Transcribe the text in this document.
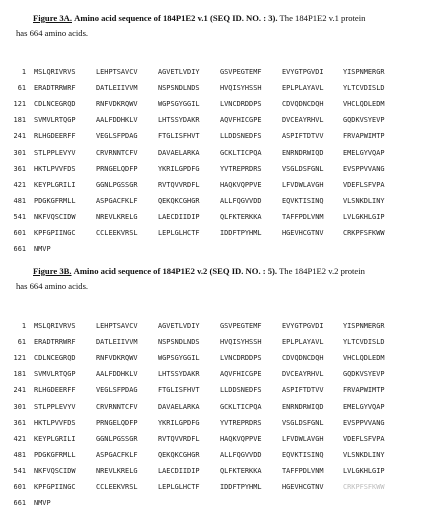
Figure 3A. Amino acid sequence of 184P1E2 v.1 (SEQ ID. NO. : 3). The 184P1E2 v.1 protein
has 664 amino acids.
1 MSLQRIVRVS	LEHPTSAVCV	AGVETLVDIY	GSVPEGTEMF	EVYGTPGVDI	YISPNMERGR
61 ERADTRRWRF	DATLEIIVVM	NSPSNDLNDS	HVQISYHSSH	EPLPLAYAVL	YLTCVDISLD
121 CDLNCEGRQD	RNFVDKRQWV	WGPSGYGGIL	LVNCDRDDPS	CDVQDNCDQH	VHCLQDLEDM
181 SVMVLRTQGP	AALFDDHKLV	LHTSSYDAKR	AQVFHICGPE	DVCEAYRHVL	GQDKVSYEVP
241 RLHGDEERFF	VEGLSFPDAG	FTGLISFHVT	LLDDSNEDFS	ASPIFTDTVV	FRVAPWIMTP
301 STLPPLEVYV	CRVRNNTCFV	DAVAELARKA	GCKLTICPQA	ENRNDRWIQD	EMELGYVQAP
361 HKTLPVVFDS	PRNGELQDFP	YKRILGPDFG	YVTREPRDRS	VSGLDSFGNL	EVSPPVVANG
421 KEYPLGRILI	GGNLPGSSGR	RVTQVVRDFL	HAQKVQPPVE	LFVDWLAVGH	VDEFLSFVPA
481 PDGKGFRMLL	ASPGACFKLF	QEKQKCGHGR	ALLFQGVVDD	EQVKTISINQ	VLSNKDLINY
541 NKFVQSCIDW	NREVLKRELG	LAECDIIDIP	QLFKTERKKA	TAFFPDLVNM	LVLGKHLGIP
601 KPFGPIINGC	CCLEEKVRSL	LEPLGLHCTF	IDDFTPYHML	HGEVHCGTNV	CRKPFSFKWW
661 NMVP
Figure 3B. Amino acid sequence of 184P1E2 v.2 (SEQ ID. NO. : 5). The 184P1E2 v.2 protein
has 664 amino acids.
1 MSLQRIVRVS	LEHPTSAVCV	AGVETLVDIY	GSVPEGTEMF	EVYGTPGVDI	YISPNMERGR
61 ERADTRRWRF	DATLEIIVVM	NSPSNDLNDS	HVQISYHSSH	EPLPLAYAVL	YLTCVDISLD
121 CDLNCEGRQD	RNFVDKRQWV	WGPSGYGGIL	LVNCDRDDPS	CDVQDNCDQH	VHCLQDLEDM
181 SVMVLRTQGP	AALFDDHKLV	LHTSSYDAKR	AQVFHICGPE	DVCEAYRHVL	GQDKVSYEVP
241 RLHGDEERFF	VEGLSFPDAG	FTGLISFHVT	LLDDSNEDFS	ASPIFTDTVV	FRVAPWIMTP
301 STLPPLEVYV	CRVRNNTCFV	DAVAELARKA	GCKLTICPQA	ENRNDRWIQD	EMELGYVQAP
361 HKTLPVVFDS	PRNGELQDFP	YKRILGPDFG	YVTREPRDRS	VSGLDSFGNL	EVSPPVVANG
421 KEYPLGRILI	GGNLPGSSGR	RVTQVVRDFL	HAQKVQPPVE	LFVDWLAVGH	VDEFLSFVPA
481 PDGKGFRMLL	ASPGACFKLF	QEKQKCGHGR	ALLFQGVVDD	EQVKTISINQ	VLSNKDLINY
541 NKFVQSCIDW	NREVLKRELG	LAECDIIDIP	QLFKTERKKA	TAFFPDLVNM	LVLGKHLGIP
601 KPFGPIINGC	CCLEEKVRSL	LEPLGLHCTF	IDDFTPYHML	HGEVHCGTNV	CRKPFSFKWW
661 NMVP
